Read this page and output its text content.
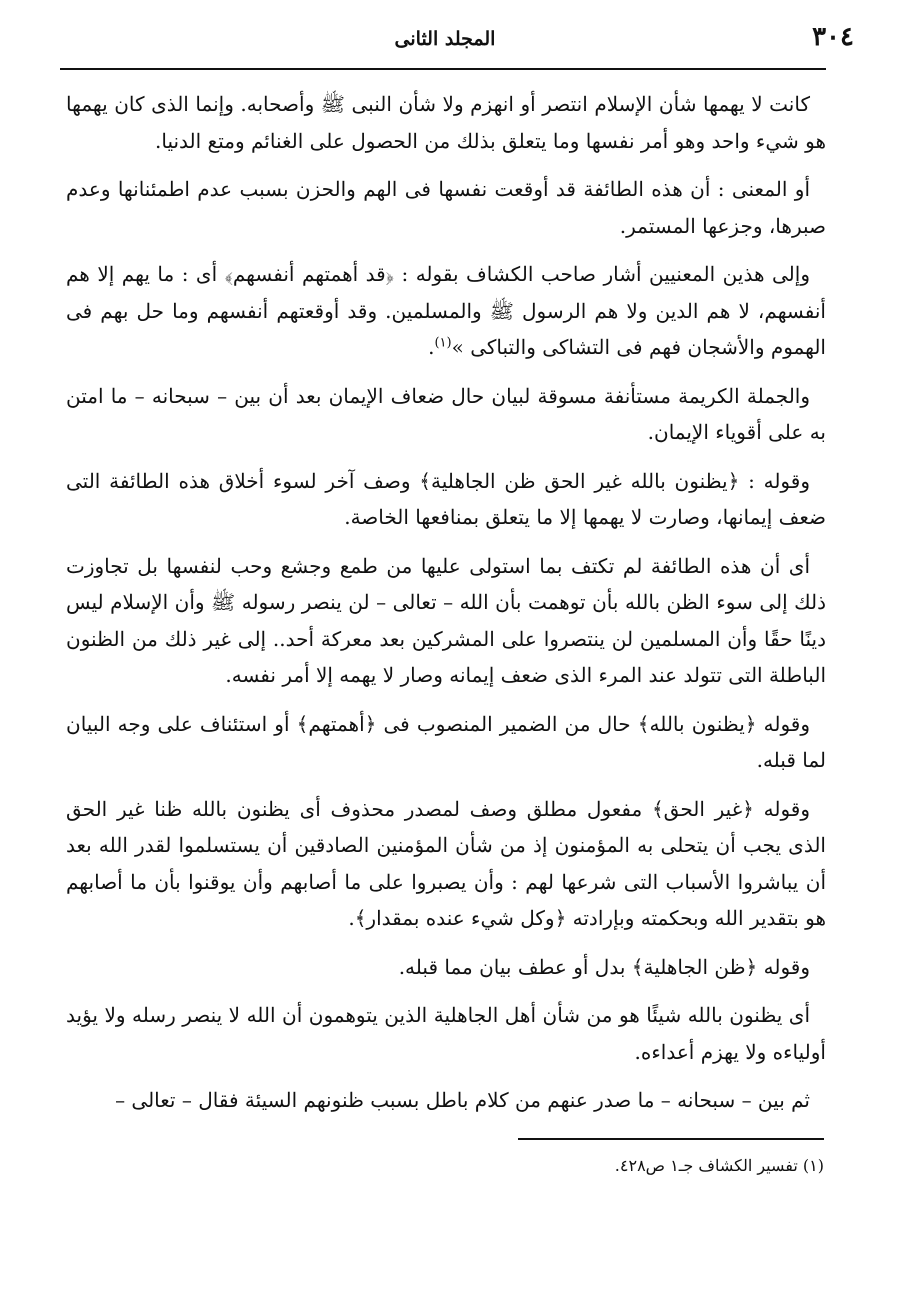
المجلد الثانى	٣٠٤

كانت لا يهمها شأن الإسلام انتصر أو انهزم ولا شأن النبى ﷺ وأصحابه. وإنما الذى كان يهمها هو شيء واحد وهو أمر نفسها وما يتعلق بذلك من الحصول على الغنائم ومتع الدنيا.

أو المعنى : أن هذه الطائفة قد أوقعت نفسها فى الهم والحزن بسبب عدم اطمئنانها وعدم صبرها، وجزعها المستمر.

وإلى هذين المعنيين أشار صاحب الكشاف بقوله : ﴿قد أهمتهم أنفسهم﴾ أى : ما يهم إلا هم أنفسهم، لا هم الدين ولا هم الرسول ﷺ والمسلمين. وقد أوقعتهم أنفسهم وما حل بهم فى الهموم والأشجان فهم فى التشاكى والتباكى »$^{(١)}$.

والجملة الكريمة مستأنفة مسوقة لبيان حال ضعاف الإيمان بعد أن بين – سبحانه – ما امتن به على أقوياء الإيمان.

وقوله : ﴿يظنون بالله غير الحق ظن الجاهلية﴾ وصف آخر لسوء أخلاق هذه الطائفة التى ضعف إيمانها، وصارت لا يهمها إلا ما يتعلق بمنافعها الخاصة.

أى أن هذه الطائفة لم تكتف بما استولى عليها من طمع وجشع وحب لنفسها بل تجاوزت ذلك إلى سوء الظن بالله بأن توهمت بأن الله – تعالى – لن ينصر رسوله ﷺ وأن الإسلام ليس دينًا حقًا وأن المسلمين لن ينتصروا على المشركين بعد معركة أحد.. إلى غير ذلك من الظنون الباطلة التى تتولد عند المرء الذى ضعف إيمانه وصار لا يهمه إلا أمر نفسه.

وقوله ﴿يظنون بالله﴾ حال من الضمير المنصوب فى ﴿أهمتهم﴾ أو استئناف على وجه البيان لما قبله.

وقوله ﴿غير الحق﴾ مفعول مطلق وصف لمصدر محذوف أى يظنون بالله ظنا غير الحق الذى يجب أن يتحلى به المؤمنون إذ من شأن المؤمنين الصادقين أن يستسلموا لقدر الله بعد أن يباشروا الأسباب التى شرعها لهم : وأن يصبروا على ما أصابهم وأن يوقنوا بأن ما أصابهم هو بتقدير الله وبحكمته وبإرادته ﴿وكل شيء عنده بمقدار﴾.

وقوله ﴿ظن الجاهلية﴾ بدل أو عطف بيان مما قبله.

أى يظنون بالله شيئًا هو من شأن أهل الجاهلية الذين يتوهمون أن الله لا ينصر رسله ولا يؤيد أولياءه ولا يهزم أعداءه.

ثم بين – سبحانه – ما صدر عنهم من كلام باطل بسبب ظنونهم السيئة فقال – تعالى –

(١) تفسير الكشاف جـ١ ص٤٢٨.
